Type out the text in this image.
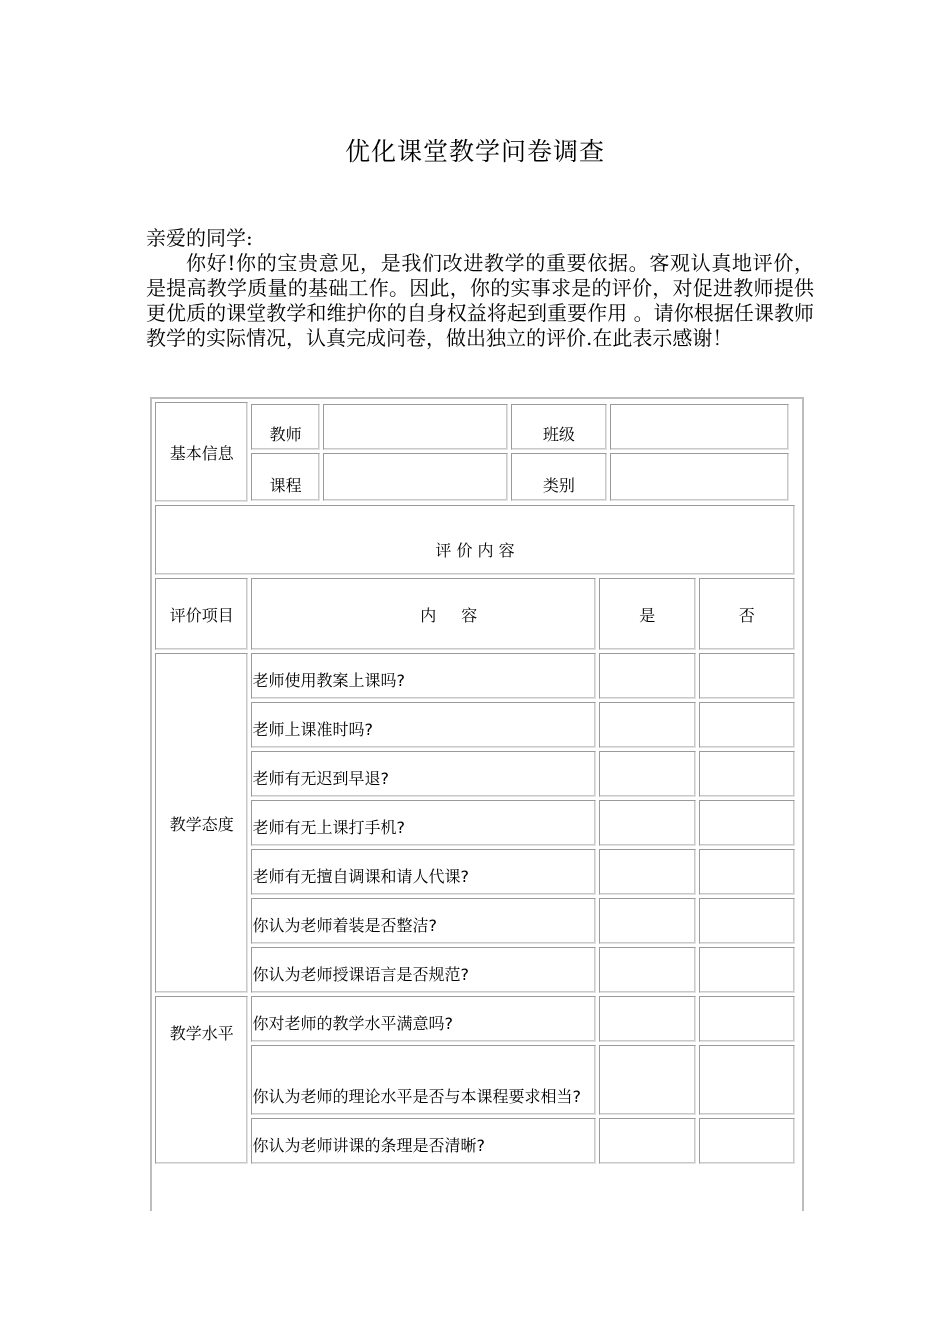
优化课堂教学问卷调查

亲爱的同学:

你好!你的宝贵意见，是我们改进教学的重要依据。客观认真地评价，是提高教学质量的基础工作。因此，你的实事求是的评价，对促进教师提供更优质的课堂教学和维护你的自身权益将起到重要作用 。请你根据任课教师教学的实际情况，认真完成问卷，做出独立的评价.在此表示感谢！

基本信息	
教师		班级	
课程		类别	

评 价 内 容
评价项目	内 容	是	否
教学态度	老师使用教案上课吗?		
老师上课准时吗?		
老师有无迟到早退?		
老师有无上课打手机?		
老师有无擅自调课和请人代课?		
你认为老师着装是否整洁?		
你认为老师授课语言是否规范?		
教学水平	你对老师的教学水平满意吗?		
你认为老师的理论水平是否与本课程要求相当?		
你认为老师讲课的条理是否清晰?		
